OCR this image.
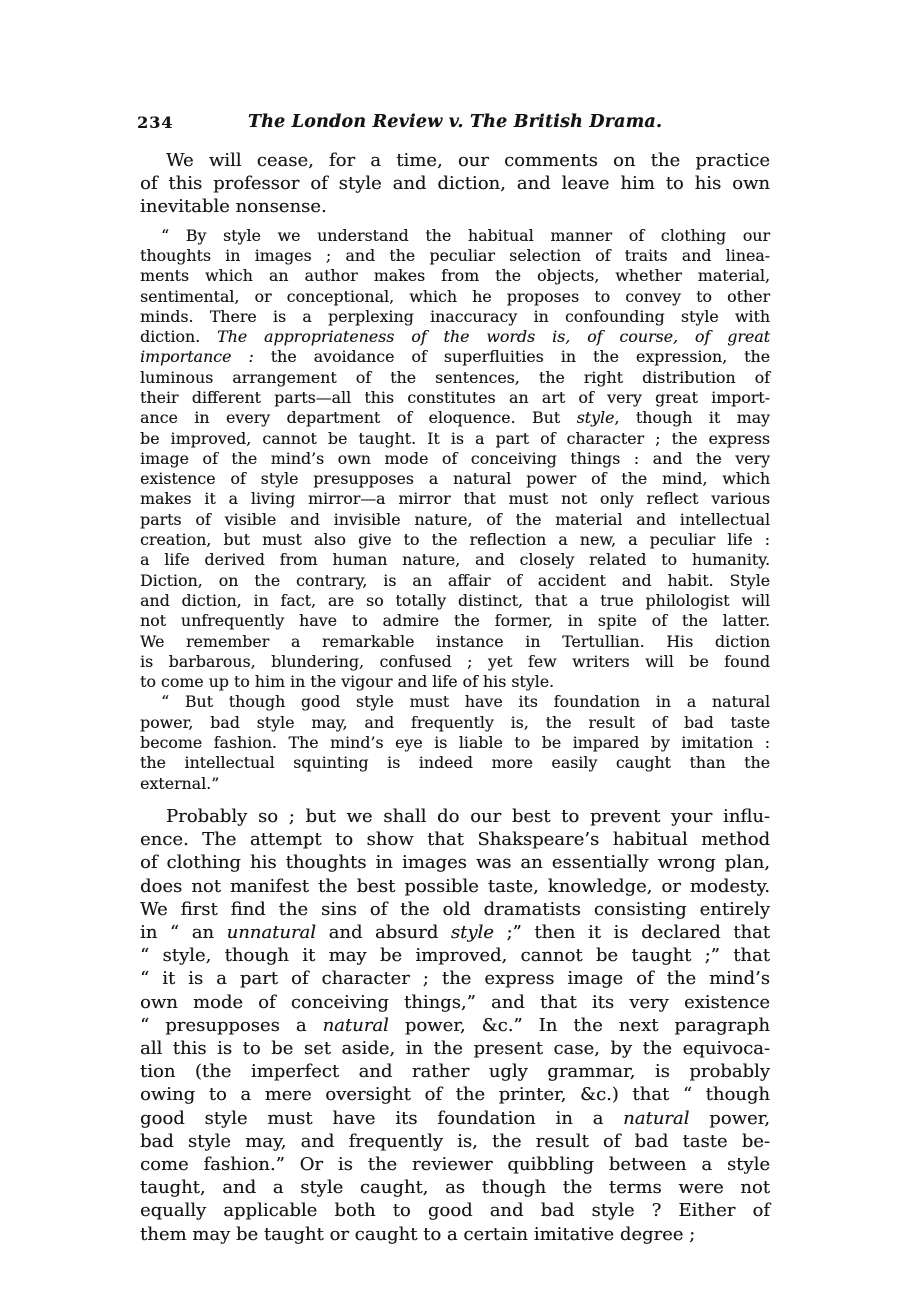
234	The London Review v. The British Drama.

We will cease, for a time, our comments on the practice
of this professor of style and diction, and leave him to his own
inevitable nonsense.

“ By style we understand the habitual manner of clothing our
thoughts in images ; and the peculiar selection of traits and linea-
ments which an author makes from the objects, whether material,
sentimental, or conceptional, which he proposes to convey to other
minds. There is a perplexing inaccuracy in confounding style with
diction. The appropriateness of the words is, of course, of great
importance : the avoidance of superfluities in the expression, the
luminous arrangement of the sentences, the right distribution of
their different parts—all this constitutes an art of very great import-
ance in every department of eloquence. But style, though it may
be improved, cannot be taught. It is a part of character ; the express
image of the mind’s own mode of conceiving things : and the very
existence of style presupposes a natural power of the mind, which
makes it a living mirror—a mirror that must not only reflect various
parts of visible and invisible nature, of the material and intellectual
creation, but must also give to the reflection a new, a peculiar life :
a life derived from human nature, and closely related to humanity.
Diction, on the contrary, is an affair of accident and habit. Style
and diction, in fact, are so totally distinct, that a true philologist will
not unfrequently have to admire the former, in spite of the latter.
We remember a remarkable instance in Tertullian. His diction
is barbarous, blundering, confused ; yet few writers will be found
to come up to him in the vigour and life of his style.

“ But though good style must have its foundation in a natural
power, bad style may, and frequently is, the result of bad taste
become fashion. The mind’s eye is liable to be impared by imitation :
the intellectual squinting is indeed more easily caught than the
external.”

Probably so ; but we shall do our best to prevent your influ-
ence. The attempt to show that Shakspeare’s habitual method
of clothing his thoughts in images was an essentially wrong plan,
does not manifest the best possible taste, knowledge, or modesty.
We first find the sins of the old dramatists consisting entirely
in “ an unnatural and absurd style ;” then it is declared that
“ style, though it may be improved, cannot be taught ;” that
“ it is a part of character ; the express image of the mind’s
own mode of conceiving things,” and that its very existence
“ presupposes a natural power, &c.” In the next paragraph
all this is to be set aside, in the present case, by the equivoca-
tion (the imperfect and rather ugly grammar, is probably
owing to a mere oversight of the printer, &c.) that “ though
good style must have its foundation in a natural power,
bad style may, and frequently is, the result of bad taste be-
come fashion.” Or is the reviewer quibbling between a style
taught, and a style caught, as though the terms were not
equally applicable both to good and bad style ? Either of
them may be taught or caught to a certain imitative degree ;
